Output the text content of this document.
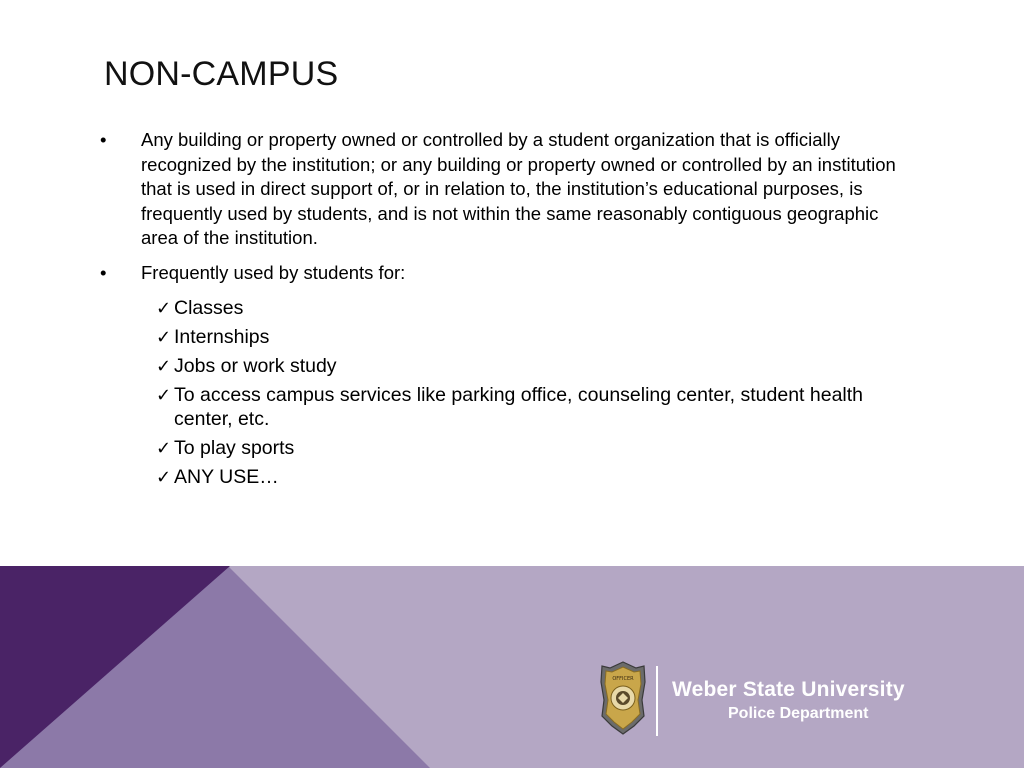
NON-CAMPUS
•	Any building or property owned or controlled by a student organization that is officially recognized by the institution; or any building or property owned or controlled by an institution that is used in direct support of, or in relation to, the institution’s educational purposes, is frequently used by students, and is not within the same reasonably contiguous geographic area of the institution.
•	Frequently used by students for:
✓ Classes
✓ Internships
✓ Jobs or work study
✓ To access campus services like parking office, counseling center, student health center, etc.
✓ To play sports
✓ ANY USE…
OFFICER Weber State University
Police Department
